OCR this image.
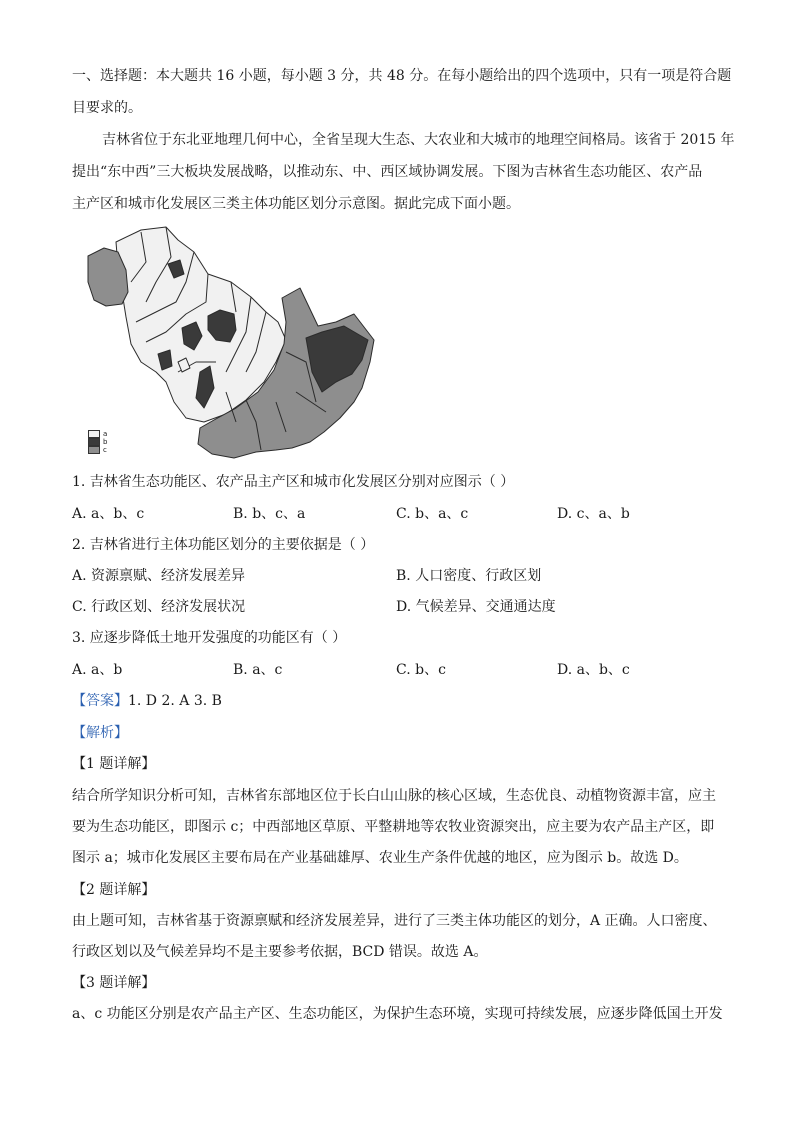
一、选择题：本大题共 16 小题，每小题 3 分，共 48 分。在每小题给出的四个选项中，只有一项是符合题
目要求的。
吉林省位于东北亚地理几何中心，全省呈现大生态、大农业和大城市的地理空间格局。该省于 2015 年
提出“东中西”三大板块发展战略，以推动东、中、西区域协调发展。下图为吉林省生态功能区、农产品
主产区和城市化发展区三类主体功能区划分示意图。据此完成下面小题。
a
b
c
1. 吉林省生态功能区、农产品主产区和城市化发展区分别对应图示（ ）
A. a、b、c	B. b、c、a	C. b、a、c	D. c、a、b
2. 吉林省进行主体功能区划分的主要依据是（ ）
A. 资源禀赋、经济发展差异	B. 人口密度、行政区划
C. 行政区划、经济发展状况	D. 气候差异、交通通达度
3. 应逐步降低土地开发强度的功能区有（ ）
A. a、b	B. a、c	C. b、c	D. a、b、c
【答案】1. D 2. A 3. B
【解析】
【1 题详解】
结合所学知识分析可知，吉林省东部地区位于长白山山脉的核心区域，生态优良、动植物资源丰富，应主
要为生态功能区，即图示 c；中西部地区草原、平整耕地等农牧业资源突出，应主要为农产品主产区，即
图示 a；城市化发展区主要布局在产业基础雄厚、农业生产条件优越的地区，应为图示 b。故选 D。
【2 题详解】
由上题可知，吉林省基于资源禀赋和经济发展差异，进行了三类主体功能区的划分，A 正确。人口密度、
行政区划以及气候差异均不是主要参考依据，BCD 错误。故选 A。
【3 题详解】
a、c 功能区分别是农产品主产区、生态功能区，为保护生态环境，实现可持续发展，应逐步降低国土开发
